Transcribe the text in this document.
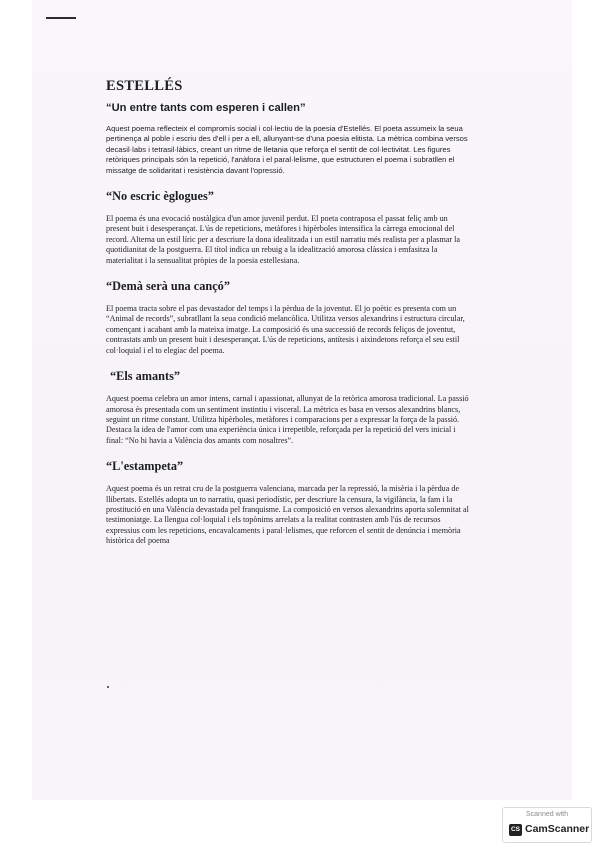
ESTELLÉS
“Un entre tants com esperen i callen”

Aquest poema reflecteix el compromís social i col·lectiu de la poesia d'Estellés. El poeta assumeix la seua pertinença al poble i escriu des d'ell i per a ell, allunyant-se d'una poesia elitista. La mètrica combina versos decasil·labs i tetrasil·làbics, creant un ritme de lletania que reforça el sentit de col·lectivitat. Les figures retòriques principals són la repetició, l'anàfora i el paral·lelisme, que estructuren el poema i subratllen el missatge de solidaritat i resistència davant l'opressió.

“No escric èglogues”

El poema és una evocació nostàlgica d'un amor juvenil perdut. El poeta contraposa el passat feliç amb un present buit i desesperançat. L'ús de repeticions, metàfores i hipèrboles intensifica la càrrega emocional del record. Alterna un estil líric per a descriure la dona idealitzada i un estil narratiu més realista per a plasmar la quotidianitat de la postguerra. El títol indica un rebuig a la idealització amorosa clàssica i emfasitza la materialitat i la sensualitat pròpies de la poesia estellesiana.

“Demà serà una cançó”

El poema tracta sobre el pas devastador del temps i la pèrdua de la joventut. El jo poètic es presenta com un “Animal de records”, subratllant la seua condició melancòlica. Utilitza versos alexandrins i estructura circular, començant i acabant amb la mateixa imatge. La composició és una successió de records feliços de joventut, contrastats amb un present buit i desesperançat. L'ús de repeticions, antítesis i aixindetons reforça el seu estil col·loquial i el to elegíac del poema.

“Els amants”

Aquest poema celebra un amor intens, carnal i apassionat, allunyat de la retòrica amorosa tradicional. La passió amorosa és presentada com un sentiment instintiu i visceral. La mètrica es basa en versos alexandrins blancs, seguint un ritme constant. Utilitza hipèrboles, metàfores i comparacions per a expressar la força de la passió. Destaca la idea de l'amor com una experiència única i irrepetible, reforçada per la repetició del vers inicial i final: “No hi havia a València dos amants com nosaltres”.

“L'estampeta”

Aquest poema és un retrat cru de la postguerra valenciana, marcada per la repressió, la misèria i la pèrdua de llibertats. Estellés adopta un to narratiu, quasi periodístic, per descriure la censura, la vigilància, la fam i la prostitució en una València devastada pel franquisme. La composició en versos alexandrins aporta solemnitat al testimoniatge. La llengua col·loquial i els topònims arrelats a la realitat contrasten amb l'ús de recursos expressius com les repeticions, encavalcaments i paral·lelismes, que reforcen el sentit de denúncia i memòria històrica del poema

Scanned with
CS CamScanner
